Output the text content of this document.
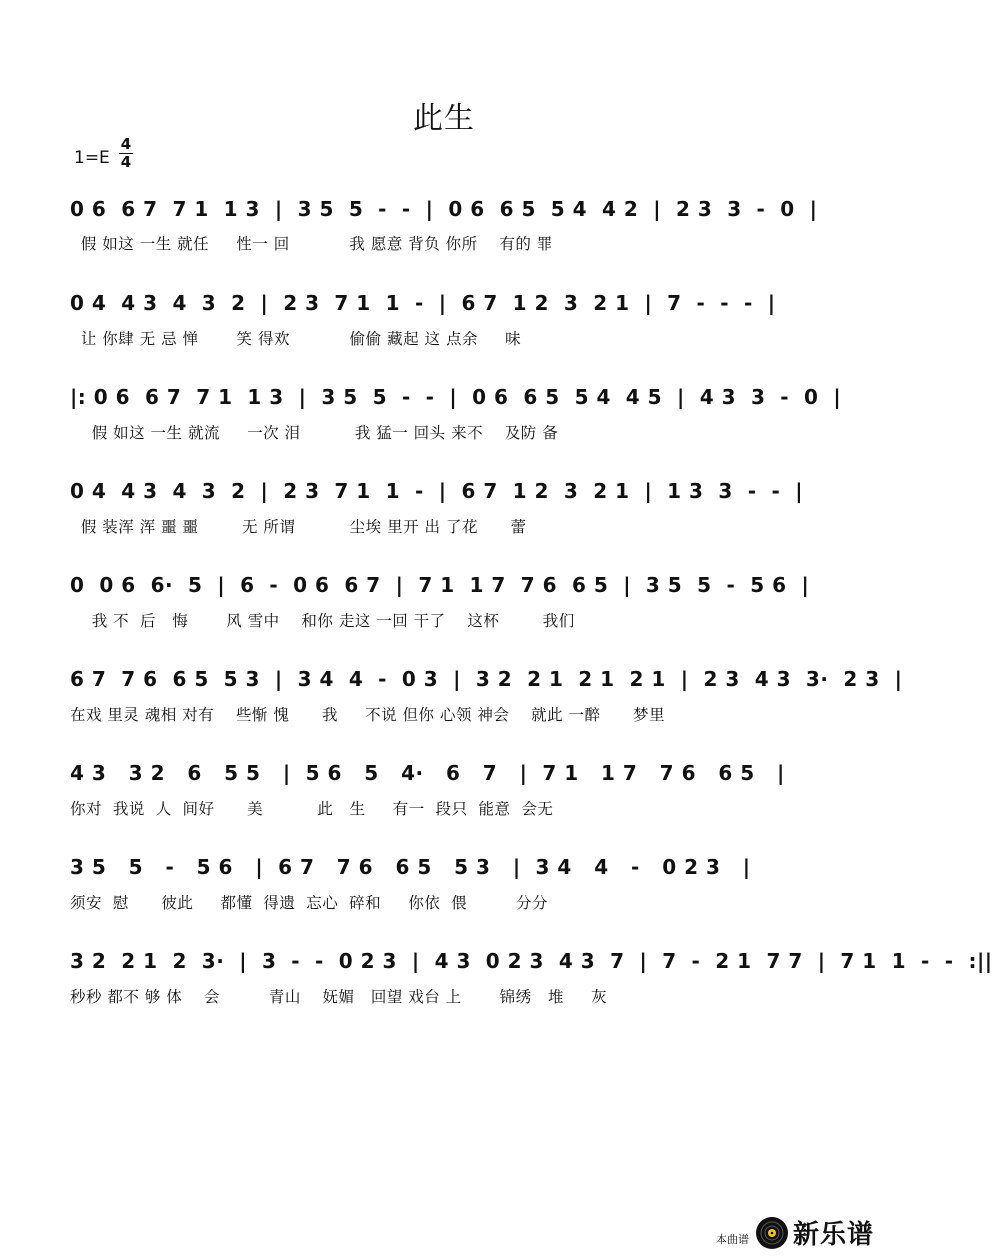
此生
1=E
4
4
0 6  6 7  7 1  1 3  |  3 5  5  -  -  |  0 6  6 5  5 4  4 2  |  2 3  3  -  0  |
假 如这 一生 就任     性一 回           我 愿意 背负 你所    有的 罪
0 4  4 3  4  3  2  |  2 3  7 1  1  -  |  6 7  1 2  3  2 1  |  7  -  -  -  |
让 你肆 无 忌 惮       笑 得欢           偷偷 藏起 这 点余     味
|: 0 6  6 7  7 1  1 3  |  3 5  5  -  -  |  0 6  6 5  5 4  4 5  |  4 3  3  -  0  |
假 如这 一生 就流     一次 泪          我 猛一 回头 来不    及防 备
0 4  4 3  4  3  2  |  2 3  7 1  1  -  |  6 7  1 2  3  2 1  |  1 3  3  -  -  |
假 装浑 浑 噩 噩        无 所谓          尘埃 里开 出 了花      蕾
0  0 6  6·  5  |  6  -  0 6  6 7  |  7 1  1 7  7 6  6 5  |  3 5  5  -  5 6  |
我 不  后   悔       风 雪中    和你 走这 一回 干了    这杯        我们
6 7  7 6  6 5  5 3  |  3 4  4  -  0 3  |  3 2  2 1  2 1  2 1  |  2 3  4 3  3·  2 3  |
在戏 里灵 魂相 对有    些惭 愧      我     不说 但你 心领 神会    就此 一醉      梦里
4 3   3 2   6   5 5   |  5 6   5   4·   6   7   |  7 1   1 7   7 6   6 5   |
你对  我说  人  间好      美          此   生     有一  段只  能意  会无
3 5   5   -   5 6   |  6 7   7 6   6 5   5 3   |  3 4   4   -   0 2 3   |
须安  慰      彼此     都懂  得遗  忘心  碎和     你依  偎         分分
3 2  2 1  2  3·  |  3  -  -  0 2 3  |  4 3  0 2 3  4 3  7  |  7  -  2 1  7 7  |  7 1  1  -  -  :||
秒秒 都不 够 体    会         青山    妩媚   回望 戏台 上       锦绣   堆     灰
本曲谱 新乐谱
